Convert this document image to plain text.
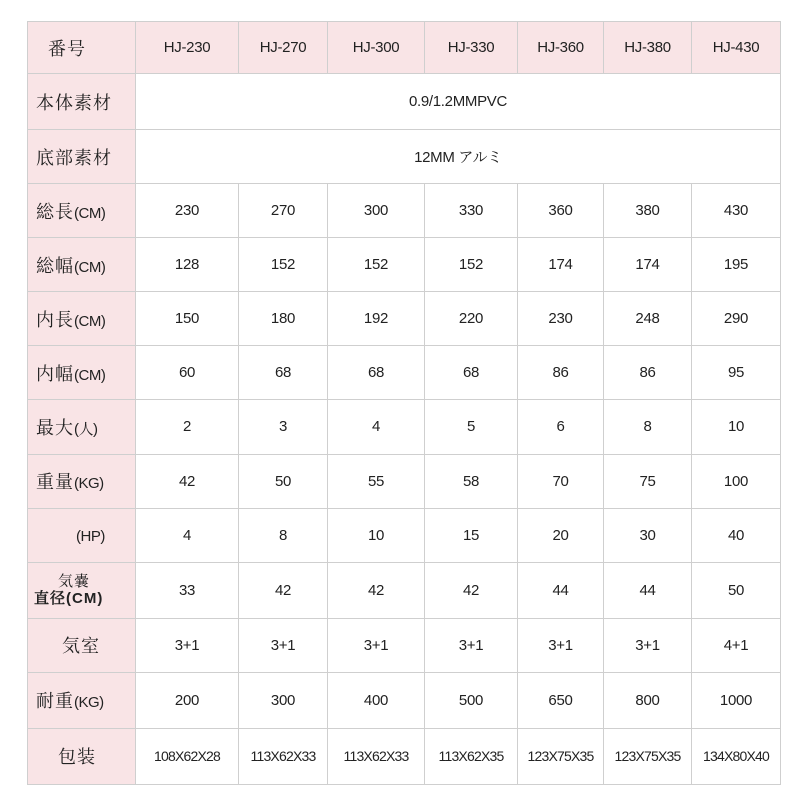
番号	HJ-230	HJ-270	HJ-300	HJ-330	HJ-360	HJ-380	HJ-430
本体素材	0.9/1.2MMPVC						
底部素材	12MM アルミ						
総長(CM)	230	270	300	330	360	380	430
総幅(CM)	128	152	152	152	174	174	195
内長(CM)	150	180	192	220	230	248	290
内幅(CM)	60	68	68	68	86	86	95
最大(人)	2	3	4	5	6	8	10
重量(KG)	42	50	55	58	70	75	100
(HP)	4	8	10	15	20	30	40

気嚢
直径(CM)	33	42	42	42	44	44	50
気室	3+1	3+1	3+1	3+1	3+1	3+1	4+1
耐重(KG)	200	300	400	500	650	800	1000
包装	108X62X28	113X62X33	113X62X33	113X62X35	123X75X35	123X75X35	134X80X40
